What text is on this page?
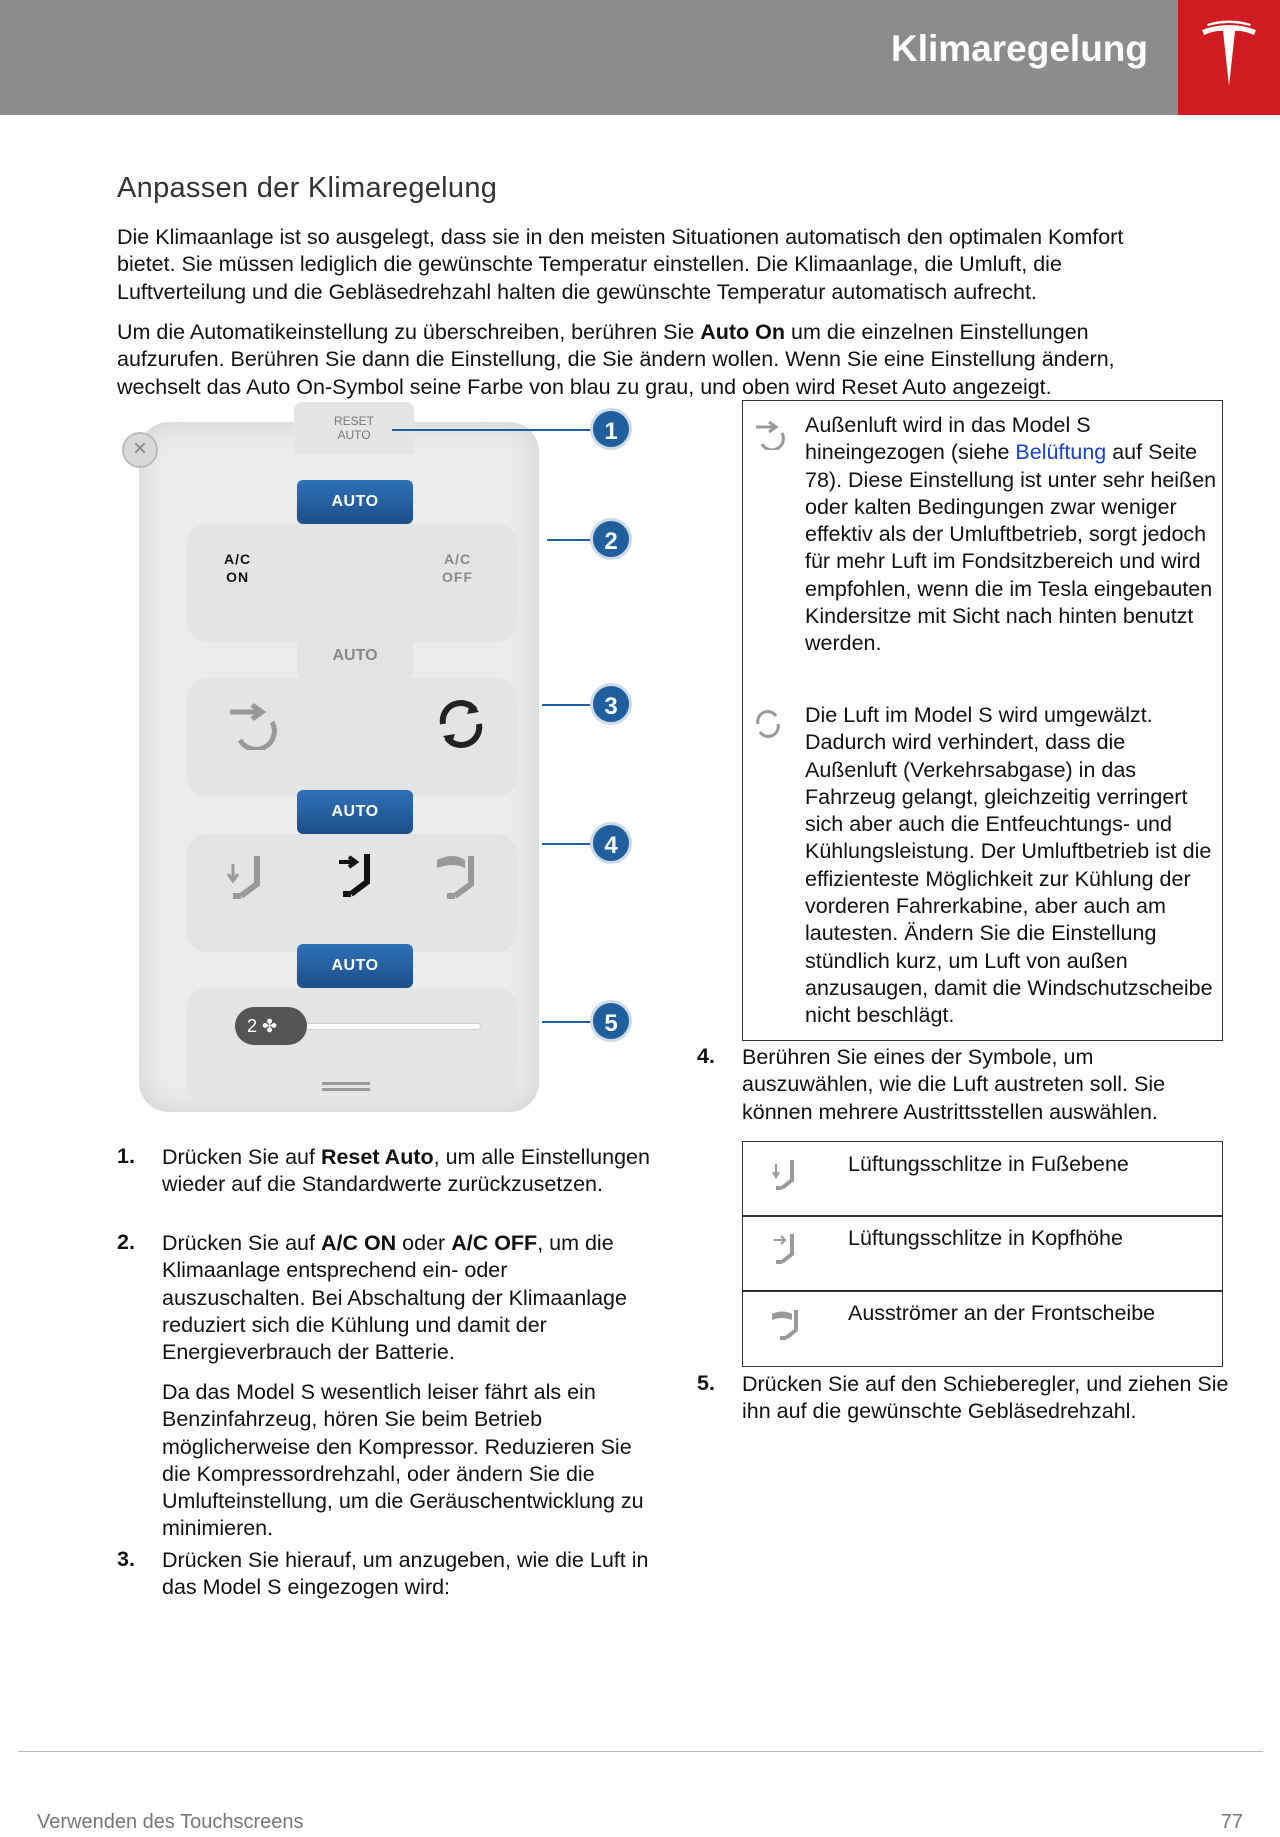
Klimaregelung
Anpassen der Klimaregelung
Die Klimaanlage ist so ausgelegt, dass sie in den meisten Situationen automatisch den optimalen Komfort bietet. Sie müssen lediglich die gewünschte Temperatur einstellen. Die Klimaanlage, die Umluft, die Luftverteilung und die Gebläsedrehzahl halten die gewünschte Temperatur automatisch aufrecht.
Um die Automatikeinstellung zu überschreiben, berühren Sie Auto On um die einzelnen Einstellungen aufzurufen. Berühren Sie dann die Einstellung, die Sie ändern wollen. Wenn Sie eine Einstellung ändern, wechselt das Auto On-Symbol seine Farbe von blau zu grau, und oben wird Reset Auto angezeigt.
×
RESET
AUTO
AUTO
A/C
ON
A/C
OFF
AUTO
AUTO
AUTO
2 ✤
1
2
3
4
5
Außenluft wird in das Model S hineingezogen (siehe Belüftung auf Seite 78). Diese Einstellung ist unter sehr heißen oder kalten Bedingungen zwar weniger effektiv als der Umluftbetrieb, sorgt jedoch für mehr Luft im Fondsitzbereich und wird empfohlen, wenn die im Tesla eingebauten Kindersitze mit Sicht nach hinten benutzt werden.
Die Luft im Model S wird umgewälzt. Dadurch wird verhindert, dass die Außenluft (Verkehrsabgase) in das Fahrzeug gelangt, gleichzeitig verringert sich aber auch die Entfeuchtungs- und Kühlungsleistung. Der Umluftbetrieb ist die effizienteste Möglichkeit zur Kühlung der vorderen Fahrerkabine, aber auch am lautesten. Ändern Sie die Einstellung stündlich kurz, um Luft von außen anzusaugen, damit die Windschutzscheibe nicht beschlägt.
4. Berühren Sie eines der Symbole, um auszuwählen, wie die Luft austreten soll. Sie können mehrere Austrittsstellen auswählen.
Lüftungsschlitze in Fußebene
Lüftungsschlitze in Kopfhöhe
Ausströmer an der Frontscheibe
5. Drücken Sie auf den Schieberegler, und ziehen Sie ihn auf die gewünschte Gebläsedrehzahl.
1. Drücken Sie auf Reset Auto, um alle Einstellungen wieder auf die Standardwerte zurückzusetzen.
2. Drücken Sie auf A/C ON oder A/C OFF, um die Klimaanlage entsprechend ein- oder auszuschalten. Bei Abschaltung der Klimaanlage reduziert sich die Kühlung und damit der Energieverbrauch der Batterie.
Da das Model S wesentlich leiser fährt als ein Benzinfahrzeug, hören Sie beim Betrieb möglicherweise den Kompressor. Reduzieren Sie die Kompressordrehzahl, oder ändern Sie die Umlufteinstellung, um die Geräuschentwicklung zu minimieren.
3. Drücken Sie hierauf, um anzugeben, wie die Luft in das Model S eingezogen wird:
Verwenden des Touchscreens	77
